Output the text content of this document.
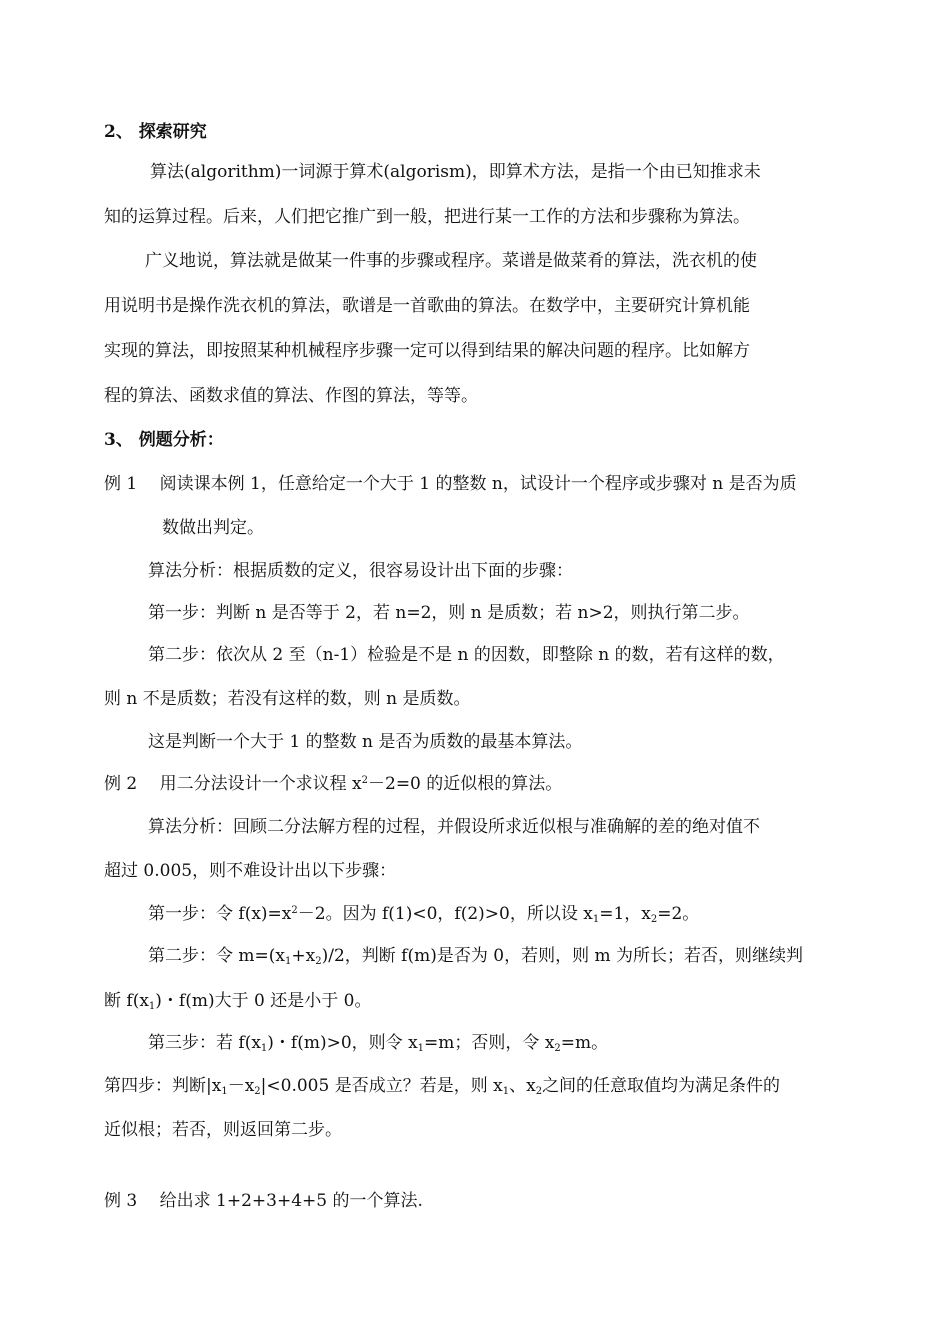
2、 探索研究
算法(algorithm)一词源于算术(algorism)，即算术方法，是指一个由已知推求未
知的运算过程。后来，人们把它推广到一般，把进行某一工作的方法和步骤称为算法。
广义地说，算法就是做某一件事的步骤或程序。菜谱是做菜肴的算法，洗衣机的使
用说明书是操作洗衣机的算法，歌谱是一首歌曲的算法。在数学中，主要研究计算机能
实现的算法，即按照某种机械程序步骤一定可以得到结果的解决问题的程序。比如解方
程的算法、函数求值的算法、作图的算法，等等。
3、 例题分析：
例 1　 阅读课本例 1，任意给定一个大于 1 的整数 n，试设计一个程序或步骤对 n 是否为质
数做出判定。
算法分析：根据质数的定义，很容易设计出下面的步骤：
第一步：判断 n 是否等于 2，若 n=2，则 n 是质数；若 n>2，则执行第二步。
第二步：依次从 2 至（n-1）检验是不是 n 的因数，即整除 n 的数，若有这样的数，
则 n 不是质数；若没有这样的数，则 n 是质数。
这是判断一个大于 1 的整数 n 是否为质数的最基本算法。
例 2　 用二分法设计一个求议程 $x^2-2=0$ 的近似根的算法。
算法分析：回顾二分法解方程的过程，并假设所求近似根与准确解的差的绝对值不
超过 0.005，则不难设计出以下步骤：
第一步：令 $f(x)=x^2-2$。因为 f(1)<0，f(2)>0，所以设 $x_1=1$，$x_2=2$。
第二步：令 $m=(x_1+x_2)/2$，判断 f(m)是否为 0，若则，则 m 为所长；若否，则继续判
断 $f(x_1)$・f(m)大于 0 还是小于 0。
第三步：若 $f(x_1)$・f(m)>0，则令 $x_1=m$；否则，令 $x_2=m$。
第四步：判断$|x_1-x_2|<0.005$ 是否成立？若是，则 $x_1$、$x_2$之间的任意取值均为满足条件的
近似根；若否，则返回第二步。
例 3　 给出求 1+2+3+4+5 的一个算法.
